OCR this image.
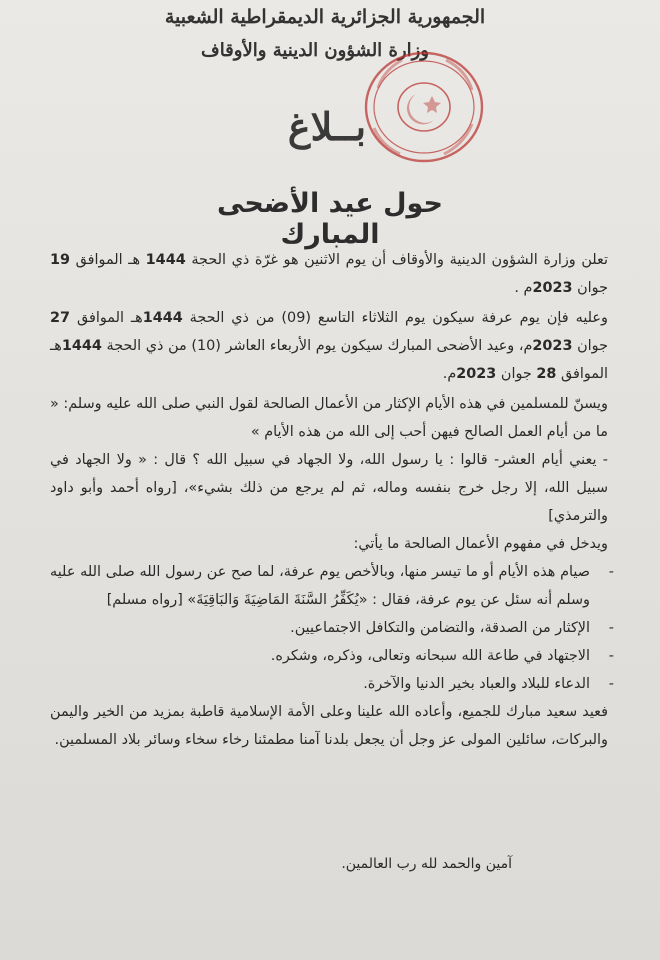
الجمهورية الجزائرية الديمقراطية الشعبية
وزارة الشؤون الدينية والأوقاف
بــلاغ
حول عيد الأضحى المبارك

تعلن وزارة الشؤون الدينية والأوقاف أن يوم الاثنين هو غرّة ذي الحجة 1444 هـ الموافق 19 جوان 2023م .

وعليه فإن يوم عرفة سيكون يوم الثلاثاء التاسع (09) من ذي الحجة 1444هـ الموافق 27 جوان 2023م، وعيد الأضحى المبارك سيكون يوم الأربعاء العاشر (10) من ذي الحجة 1444هـ الموافق 28 جوان 2023م.

ويسنّ للمسلمين في هذه الأيام الإكثار من الأعمال الصالحة لقول النبي صلى الله عليه وسلم: « ما من أيام العمل الصالح فيهن أحب إلى الله من هذه الأيام »

- يعني أيام العشر- قالوا : يا رسول الله، ولا الجهاد في سبيل الله ؟ قال : « ولا الجهاد في سبيل الله، إلا رجل خرج بنفسه وماله، ثم لم يرجع من ذلك بشيء»، [رواه أحمد وأبو داود والترمذي]

ويدخل في مفهوم الأعمال الصالحة ما يأتي:

-
صيام هذه الأيام أو ما تيسر منها، وبالأخص يوم عرفة، لما صح عن رسول الله صلى الله عليه وسلم أنه سئل عن يوم عرفة، فقال : «يُكَفِّرُ السَّنَةَ المَاضِيَةَ وَالبَاقِيَةَ» [رواه مسلم]

-
الإكثار من الصدقة، والتضامن والتكافل الاجتماعيين.

-
الاجتهاد في طاعة الله سبحانه وتعالى، وذكره، وشكره.

-
الدعاء للبلاد والعباد بخير الدنيا والآخرة.

فعيد سعيد مبارك للجميع، وأعاده الله علينا وعلى الأمة الإسلامية قاطبة بمزيد من الخير واليمن والبركات، سائلين المولى عز وجل أن يجعل بلدنا آمنا مطمئنا رخاء سخاء وسائر بلاد المسلمين.

آمين والحمد لله رب العالمين.
